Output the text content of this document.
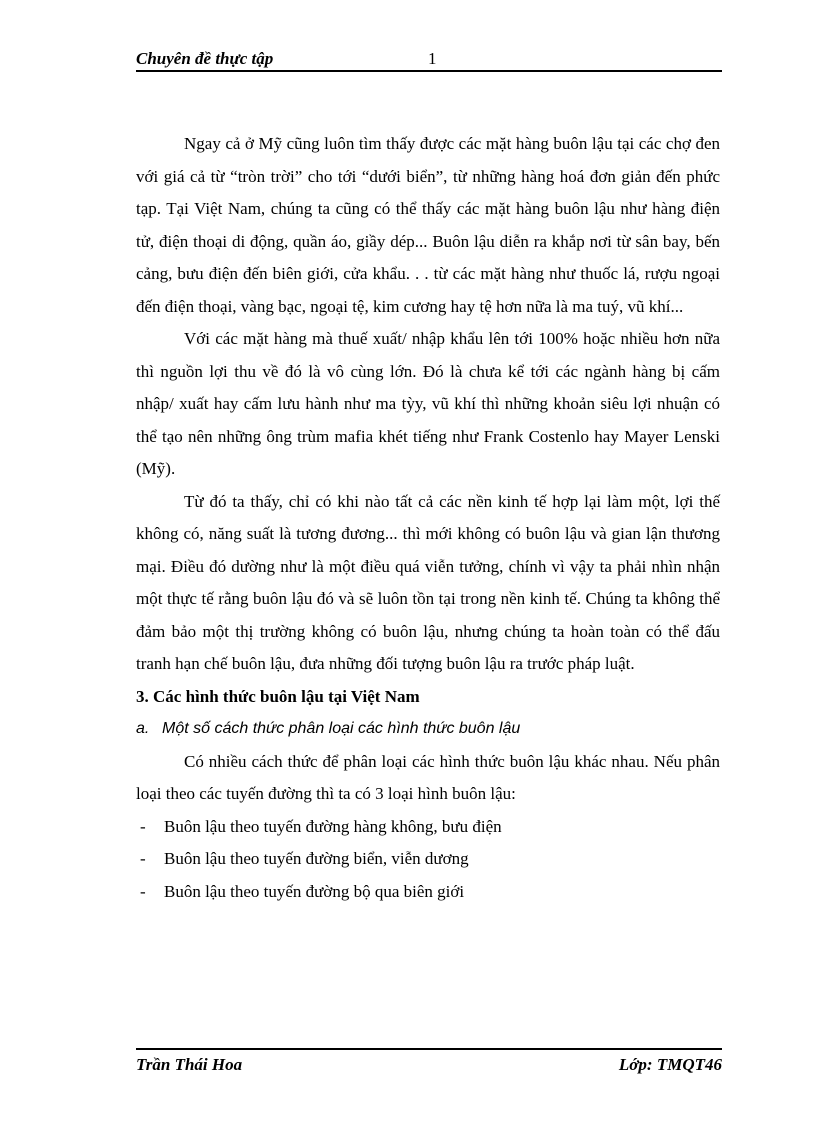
Chuyên đề thực tập	1

Ngay cả ở Mỹ cũng luôn tìm thấy được các mặt hàng buôn lậu tại các chợ đen với giá cả từ “tròn trời” cho tới “dưới biển”, từ những hàng hoá đơn giản đến phức tạp. Tại Việt Nam, chúng ta cũng có thể thấy các mặt hàng buôn lậu như hàng điện tử, điện thoại di động, quần áo, giầy dép... Buôn lậu diễn ra khắp nơi từ sân bay, bến cảng, bưu điện đến biên giới, cửa khẩu. . . từ các mặt hàng như thuốc lá, rượu ngoại đến điện thoại, vàng bạc, ngoại tệ, kim cương hay tệ hơn nữa là ma tuý, vũ khí...

Với các mặt hàng mà thuế xuất/ nhập khẩu lên tới 100% hoặc nhiều hơn nữa thì nguồn lợi thu về đó là vô cùng lớn. Đó là chưa kể tới các ngành hàng bị cấm nhập/ xuất hay cấm lưu hành như ma tỳy, vũ khí thì những khoản siêu lợi nhuận có thể tạo nên những ông trùm mafia khét tiếng như Frank Costenlo hay Mayer Lenski (Mỹ).

Từ đó ta thấy, chỉ có khi nào tất cả các nền kinh tế hợp lại làm một, lợi thế không có, năng suất là tương đương... thì mới không có buôn lậu và gian lận thương mại. Điều đó dường như là một điều quá viễn tưởng, chính vì vậy ta phải nhìn nhận một thực tế rằng buôn lậu đó và sẽ luôn tồn tại trong nền kinh tế. Chúng ta không thể đảm bảo một thị trường không có buôn lậu, nhưng chúng ta hoàn toàn có thể đấu tranh hạn chế buôn lậu, đưa những đối tượng buôn lậu ra trước pháp luật.

3. Các hình thức buôn lậu tại Việt Nam

a. Một số cách thức phân loại các hình thức buôn lậu

Có nhiều cách thức để phân loại các hình thức buôn lậu khác nhau. Nếu phân loại theo các tuyến đường thì ta có 3 loại hình buôn lậu:

- Buôn lậu theo tuyến đường hàng không, bưu điện
- Buôn lậu theo tuyến đường biển, viễn dương
- Buôn lậu theo tuyến đường bộ qua biên giới
Trần Thái Hoa	Lớp: TMQT46
